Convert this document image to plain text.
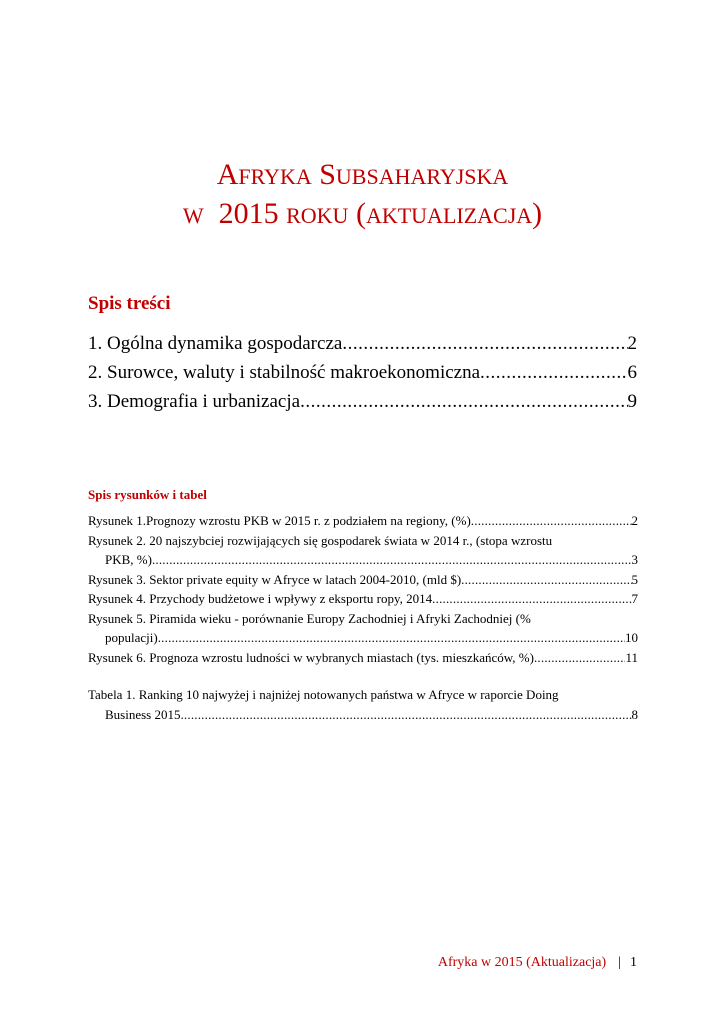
AFRYKA SUBSAHARYJSKA
W 2015 ROKU (AKTUALIZACJA)
Spis treści
1. Ogólna dynamika gospodarcza .....	2
2. Surowce, waluty i stabilność makroekonomiczna .....	6
3. Demografia i urbanizacja .....	9
Spis rysunków i tabel
Rysunek 1.Prognozy wzrostu PKB w 2015 r. z podziałem na regiony, (%) .....	2
Rysunek 2. 20 najszybciej rozwijających się gospodarek świata w 2014 r., (stopa wzrostu
PKB, %) .....	3
Rysunek 3. Sektor private equity w Afryce w latach 2004-2010, (mld $) .....	5
Rysunek 4. Przychody budżetowe i wpływy z eksportu ropy, 2014 .....	7
Rysunek 5. Piramida wieku - porównanie Europy Zachodniej i Afryki Zachodniej (%
populacji) .....	10
Rysunek 6. Prognoza wzrostu ludności w wybranych miastach (tys. mieszkańców, %) .....	11
Tabela 1. Ranking 10 najwyżej i najniżej notowanych państwa w Afryce w raporcie Doing
Business 2015 .....	8
Afryka w 2015 (Aktualizacja) | 1
